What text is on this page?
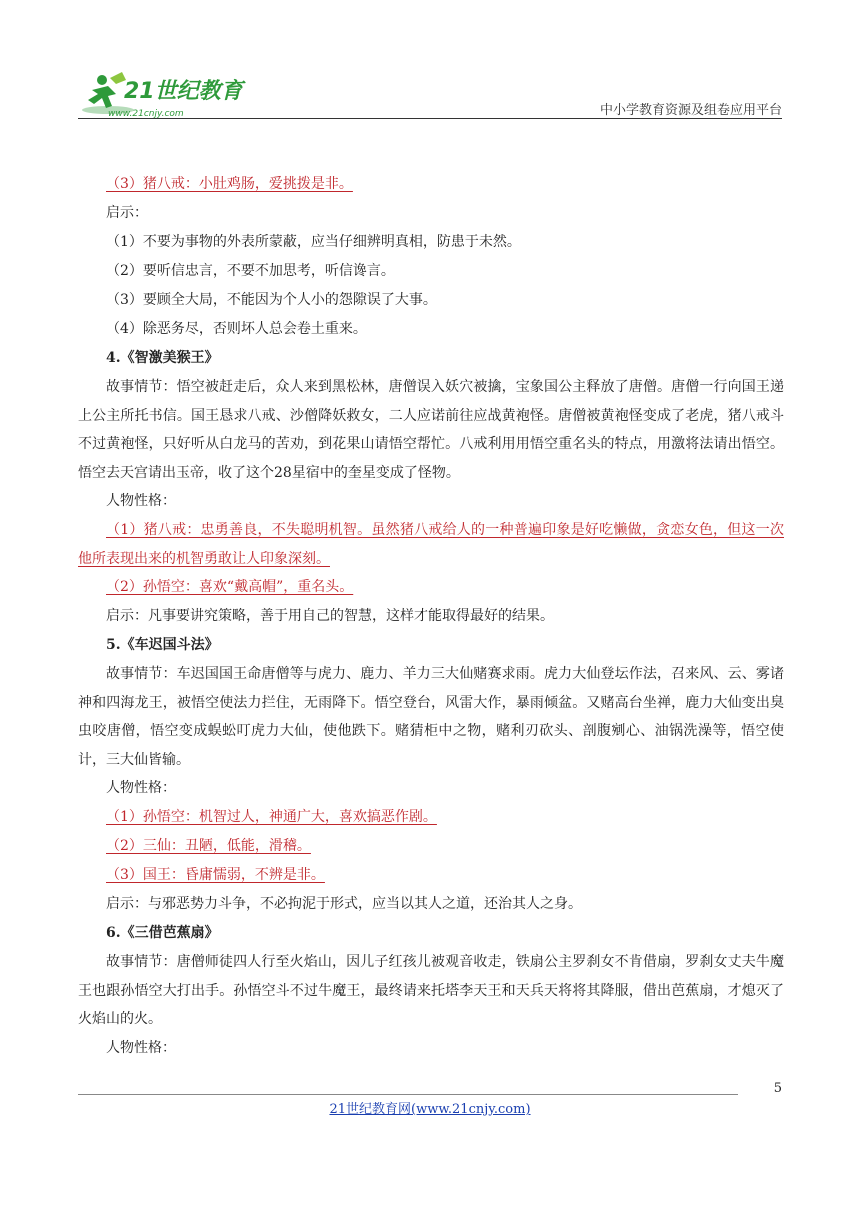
21世纪教育
www.21cnjy.com	中小学教育资源及组卷应用平台
（3）猪八戒：小肚鸡肠，爱挑拨是非。
启示：
（1）不要为事物的外表所蒙蔽，应当仔细辨明真相，防患于未然。
（2）要听信忠言，不要不加思考，听信谗言。
（3）要顾全大局，不能因为个人小的怨隙误了大事。
（4）除恶务尽，否则坏人总会卷土重来。
4.《智激美猴王》
故事情节：悟空被赶走后，众人来到黑松林，唐僧误入妖穴被擒，宝象国公主释放了唐僧。唐僧一行向国王递上公主所托书信。国王恳求八戒、沙僧降妖救女，二人应诺前往应战黄袍怪。唐僧被黄袍怪变成了老虎，猪八戒斗不过黄袍怪，只好听从白龙马的苦劝，到花果山请悟空帮忙。八戒利用用悟空重名头的特点，用激将法请出悟空。悟空去天宫请出玉帝，收了这个28星宿中的奎星变成了怪物。
人物性格：
（1）猪八戒：忠勇善良，不失聪明机智。虽然猪八戒给人的一种普遍印象是好吃懒做，贪恋女色，但这一次他所表现出来的机智勇敢让人印象深刻。
（2）孙悟空：喜欢“戴高帽”，重名头。
启示：凡事要讲究策略，善于用自己的智慧，这样才能取得最好的结果。
5.《车迟国斗法》
故事情节：车迟国国王命唐僧等与虎力、鹿力、羊力三大仙赌赛求雨。虎力大仙登坛作法，召来风、云、雾诸神和四海龙王，被悟空使法力拦住，无雨降下。悟空登台，风雷大作，暴雨倾盆。又赌高台坐禅，鹿力大仙变出臭虫咬唐僧，悟空变成蜈蚣叮虎力大仙，使他跌下。赌猜柜中之物，赌利刃砍头、剖腹剜心、油锅洗澡等，悟空使计，三大仙皆输。
人物性格：
（1）孙悟空：机智过人，神通广大，喜欢搞恶作剧。
（2）三仙：丑陋，低能，滑稽。
（3）国王：昏庸懦弱，不辨是非。
启示：与邪恶势力斗争，不必拘泥于形式，应当以其人之道，还治其人之身。
6.《三借芭蕉扇》
故事情节：唐僧师徒四人行至火焰山，因儿子红孩儿被观音收走，铁扇公主罗刹女不肯借扇，罗刹女丈夫牛魔王也跟孙悟空大打出手。孙悟空斗不过牛魔王，最终请来托塔李天王和天兵天将将其降服，借出芭蕉扇，才熄灭了火焰山的火。
人物性格：
5
21世纪教育网(www.21cnjy.com)
